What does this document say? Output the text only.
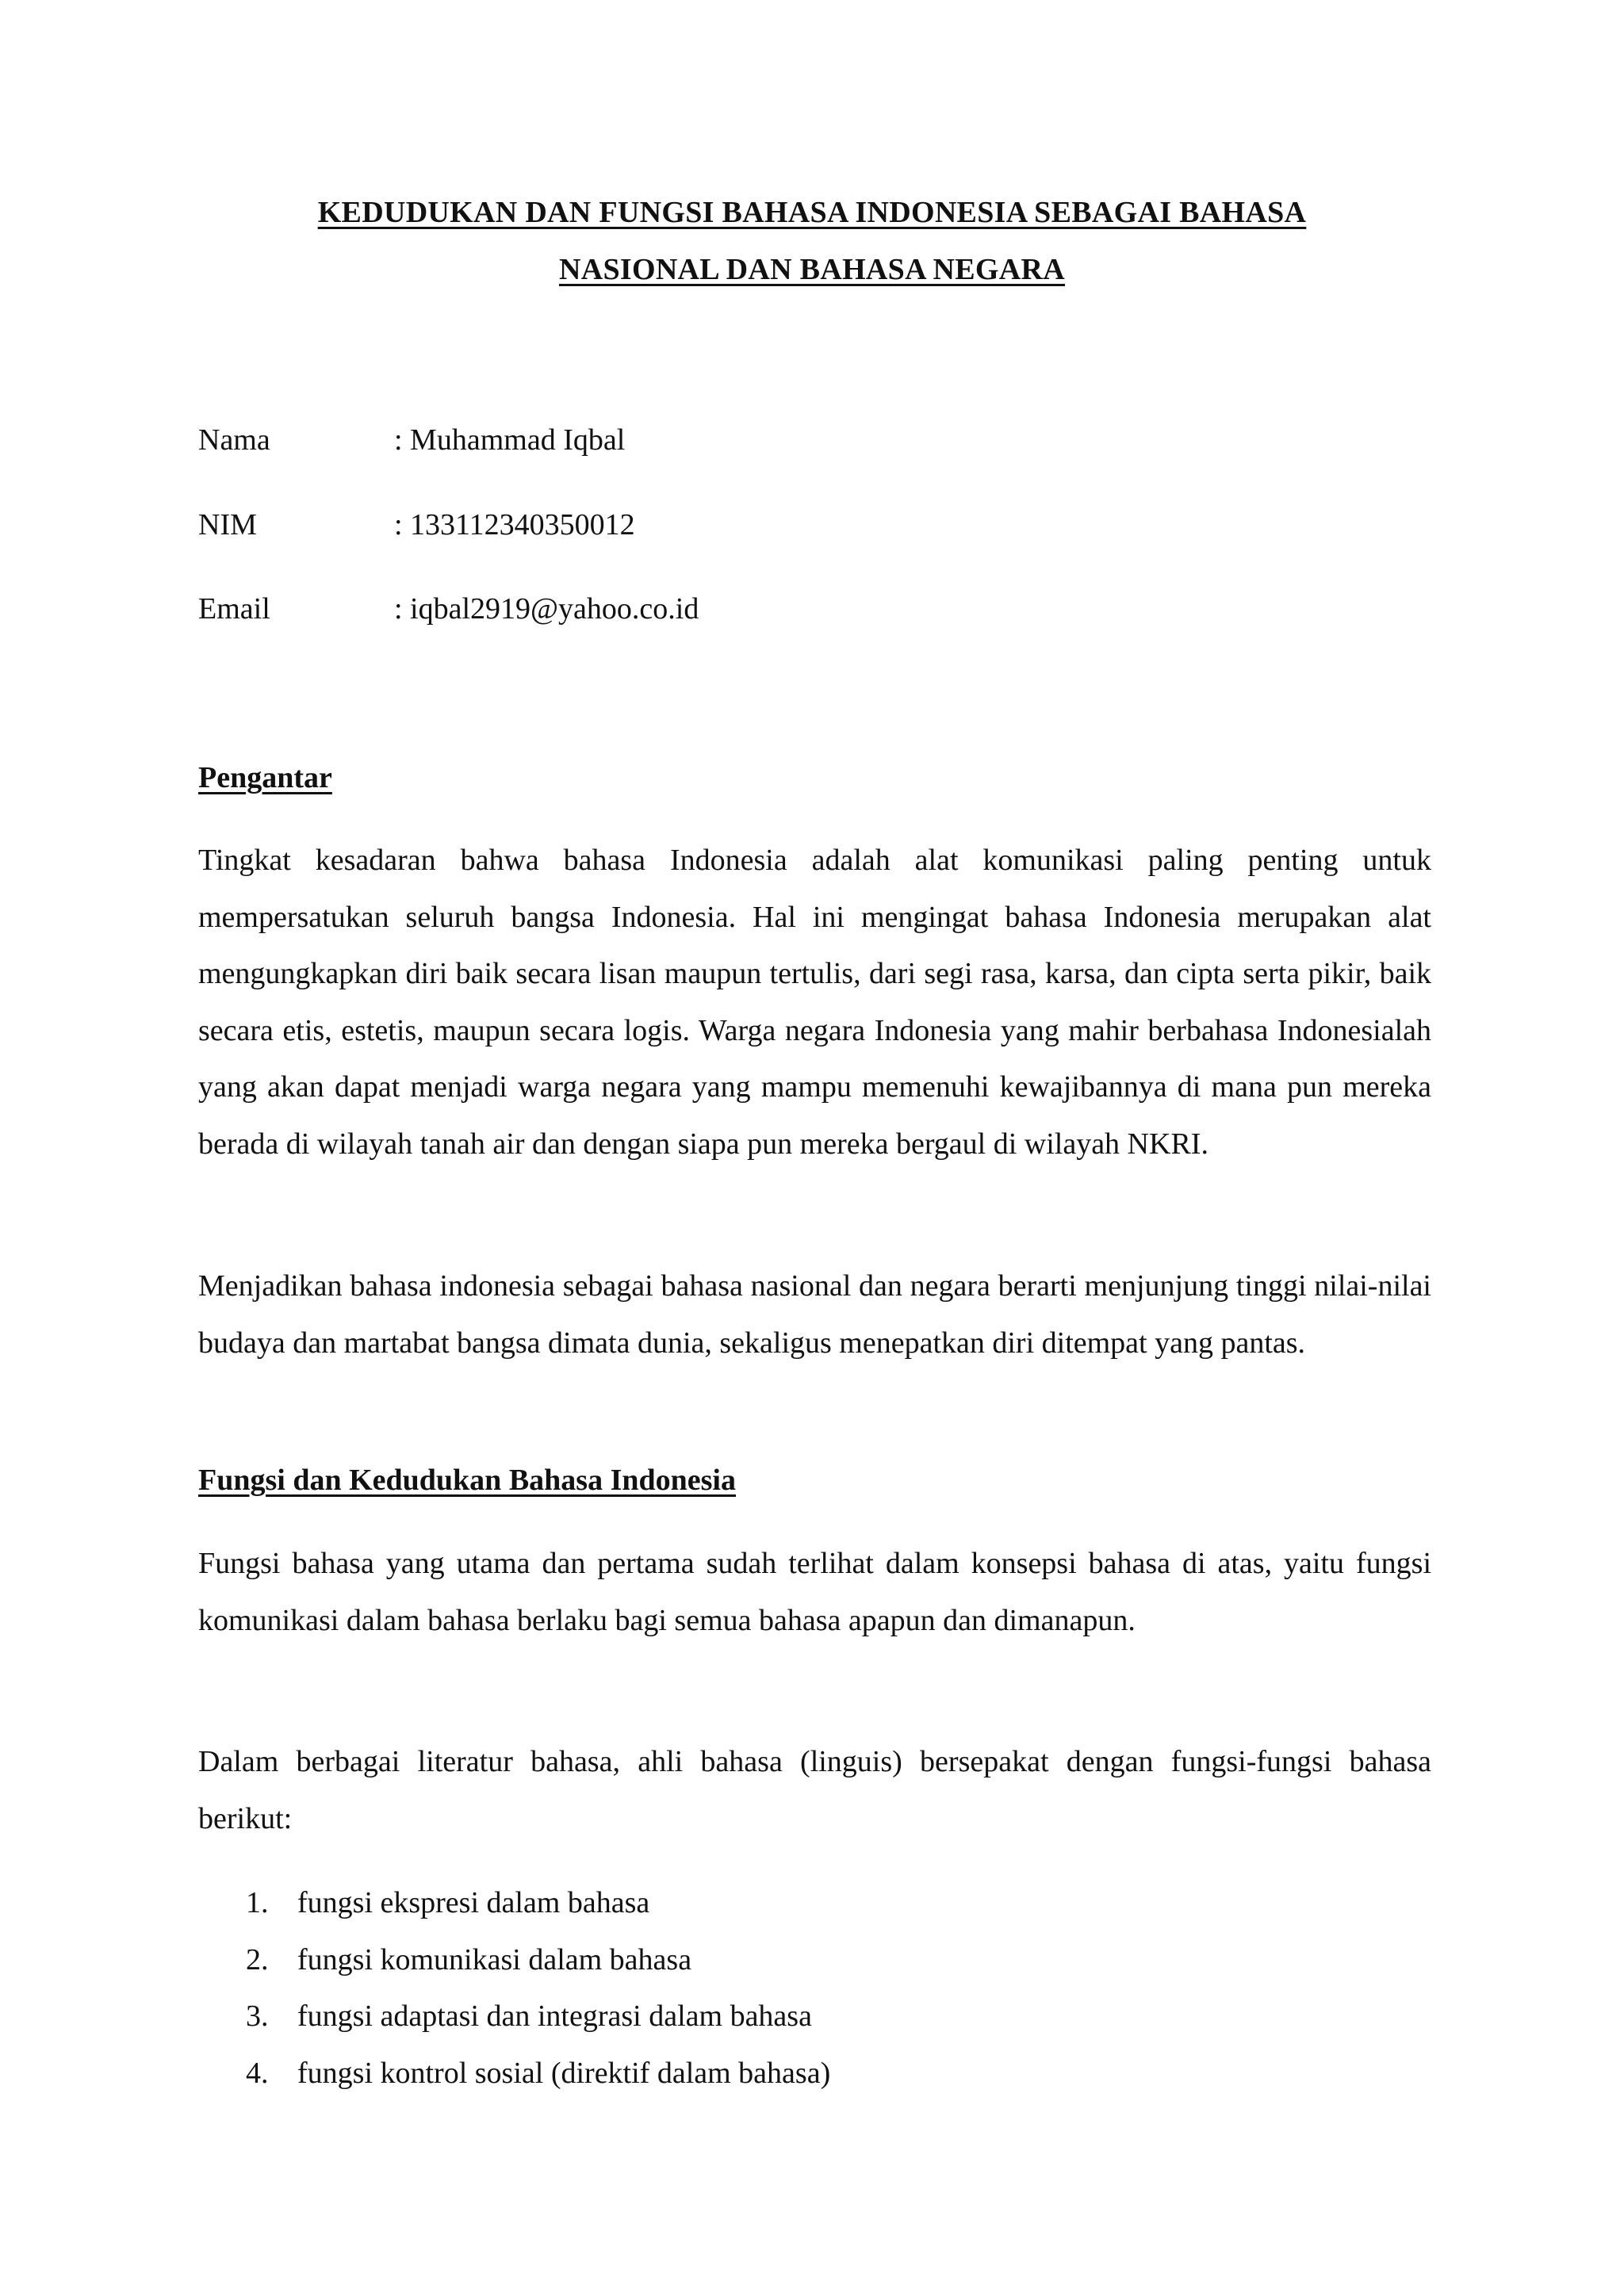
KEDUDUKAN DAN FUNGSI BAHASA INDONESIA SEBAGAI BAHASA
NASIONAL DAN BAHASA NEGARA
Nama	: Muhammad Iqbal
NIM	: 133112340350012
Email	: iqbal2919@yahoo.co.id
Pengantar

Tingkat kesadaran bahwa bahasa Indonesia adalah alat komunikasi paling penting untuk mempersatukan seluruh bangsa Indonesia. Hal ini mengingat bahasa Indonesia merupakan alat mengungkapkan diri baik secara lisan maupun tertulis, dari segi rasa, karsa, dan cipta serta pikir, baik secara etis, estetis, maupun secara logis. Warga negara Indonesia yang mahir berbahasa Indonesialah yang akan dapat menjadi warga negara yang mampu memenuhi kewajibannya di mana pun mereka berada di wilayah tanah air dan dengan siapa pun mereka bergaul di wilayah NKRI.

Menjadikan bahasa indonesia sebagai bahasa nasional dan negara berarti menjunjung tinggi nilai-nilai budaya dan martabat bangsa dimata dunia, sekaligus menepatkan diri ditempat yang pantas.

Fungsi dan Kedudukan Bahasa Indonesia

Fungsi bahasa yang utama dan pertama sudah terlihat dalam konsepsi bahasa di atas, yaitu fungsi komunikasi dalam bahasa berlaku bagi semua bahasa apapun dan dimanapun.

Dalam berbagai literatur bahasa, ahli bahasa (linguis) bersepakat dengan fungsi-fungsi bahasa berikut:

1. fungsi ekspresi dalam bahasa
2. fungsi komunikasi dalam bahasa
3. fungsi adaptasi dan integrasi dalam bahasa
4. fungsi kontrol sosial (direktif dalam bahasa)
